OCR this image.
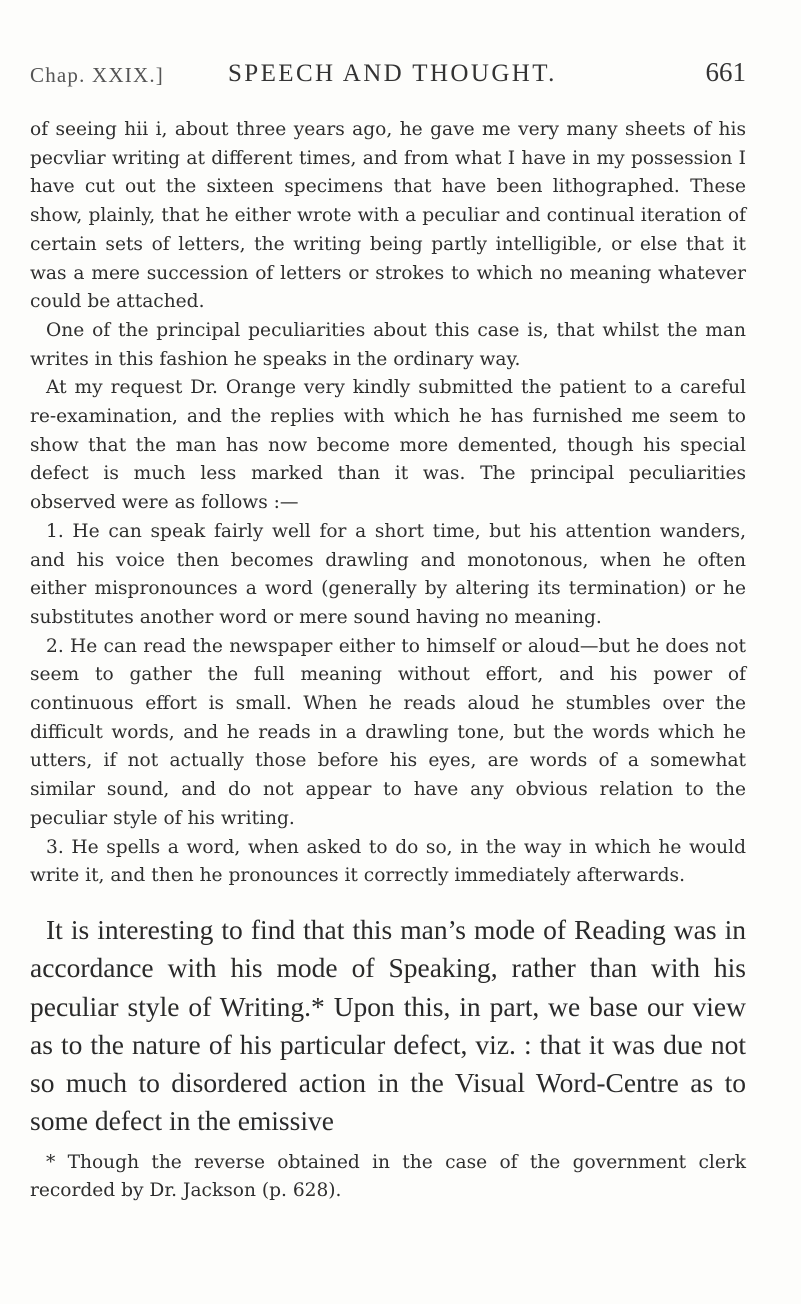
Chap. XXIX.]	SPEECH AND THOUGHT.	661

of seeing hii i, about three years ago, he gave me very many sheets of his pecvliar writing at different times, and from what I have in my possession I have cut out the sixteen specimens that have been lithographed. These show, plainly, that he either wrote with a peculiar and continual iteration of certain sets of letters, the writing being partly intelligible, or else that it was a mere succession of letters or strokes to which no meaning whatever could be attached.

One of the principal peculiarities about this case is, that whilst the man writes in this fashion he speaks in the ordinary way.

At my request Dr. Orange very kindly submitted the patient to a careful re-examination, and the replies with which he has furnished me seem to show that the man has now become more demented, though his special defect is much less marked than it was. The principal peculiarities observed were as follows :—

1. He can speak fairly well for a short time, but his attention wanders, and his voice then becomes drawling and monotonous, when he often either mispronounces a word (generally by altering its termination) or he substitutes another word or mere sound having no meaning.

2. He can read the newspaper either to himself or aloud—but he does not seem to gather the full meaning without effort, and his power of continuous effort is small. When he reads aloud he stumbles over the difficult words, and he reads in a drawling tone, but the words which he utters, if not actually those before his eyes, are words of a somewhat similar sound, and do not appear to have any obvious relation to the peculiar style of his writing.

3. He spells a word, when asked to do so, in the way in which he would write it, and then he pronounces it correctly immediately afterwards.

It is interesting to find that this man’s mode of Reading was in accordance with his mode of Speaking, rather than with his peculiar style of Writing.* Upon this, in part, we base our view as to the nature of his particular defect, viz. : that it was due not so much to disordered action in the Visual Word-Centre as to some defect in the emissive

* Though the reverse obtained in the case of the government clerk recorded by Dr. Jackson (p. 628).
